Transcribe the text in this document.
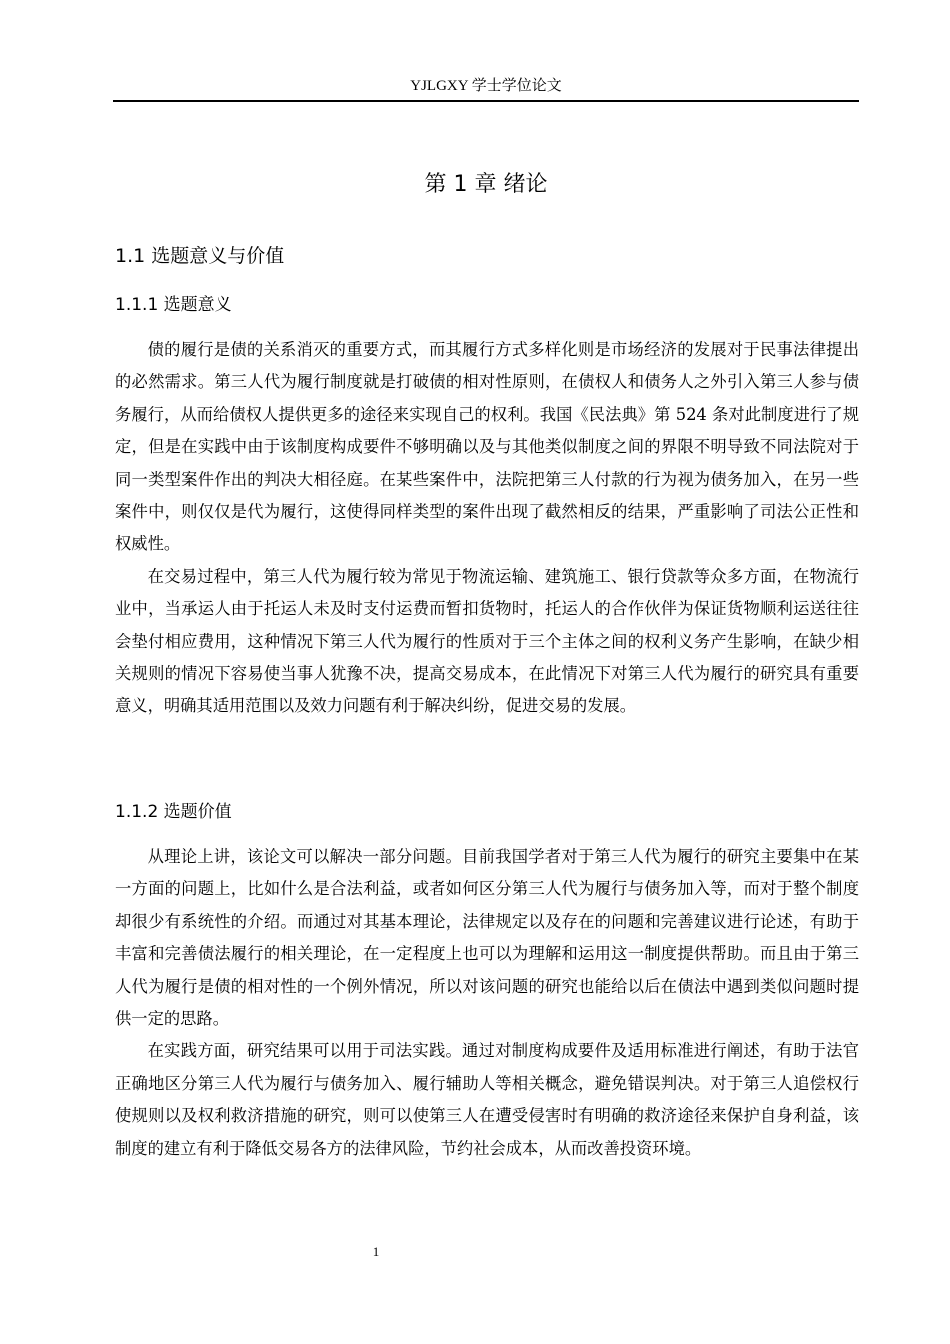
YJLGXY 学士学位论文
第 1 章 绪论
1.1 选题意义与价值
1.1.1 选题意义

债的履行是债的关系消灭的重要方式，而其履行方式多样化则是市场经济的发展对于民事法律提出的必然需求。第三人代为履行制度就是打破债的相对性原则，在债权人和债务人之外引入第三人参与债务履行，从而给债权人提供更多的途径来实现自己的权利。我国《民法典》第 524 条对此制度进行了规定，但是在实践中由于该制度构成要件不够明确以及与其他类似制度之间的界限不明导致不同法院对于同一类型案件作出的判决大相径庭。在某些案件中，法院把第三人付款的行为视为债务加入，在另一些案件中，则仅仅是代为履行，这使得同样类型的案件出现了截然相反的结果，严重影响了司法公正性和权威性。

在交易过程中，第三人代为履行较为常见于物流运输、建筑施工、银行贷款等众多方面，在物流行业中，当承运人由于托运人未及时支付运费而暂扣货物时，托运人的合作伙伴为保证货物顺利运送往往会垫付相应费用，这种情况下第三人代为履行的性质对于三个主体之间的权利义务产生影响，在缺少相关规则的情况下容易使当事人犹豫不决，提高交易成本，在此情况下对第三人代为履行的研究具有重要意义，明确其适用范围以及效力问题有利于解决纠纷，促进交易的发展。

1.1.2 选题价值

从理论上讲，该论文可以解决一部分问题。目前我国学者对于第三人代为履行的研究主要集中在某一方面的问题上，比如什么是合法利益，或者如何区分第三人代为履行与债务加入等，而对于整个制度却很少有系统性的介绍。而通过对其基本理论，法律规定以及存在的问题和完善建议进行论述，有助于丰富和完善债法履行的相关理论，在一定程度上也可以为理解和运用这一制度提供帮助。而且由于第三人代为履行是债的相对性的一个例外情况，所以对该问题的研究也能给以后在债法中遇到类似问题时提供一定的思路。

在实践方面，研究结果可以用于司法实践。通过对制度构成要件及适用标准进行阐述，有助于法官正确地区分第三人代为履行与债务加入、履行辅助人等相关概念，避免错误判决。对于第三人追偿权行使规则以及权利救济措施的研究，则可以使第三人在遭受侵害时有明确的救济途径来保护自身利益，该制度的建立有利于降低交易各方的法律风险，节约社会成本，从而改善投资环境。

1
